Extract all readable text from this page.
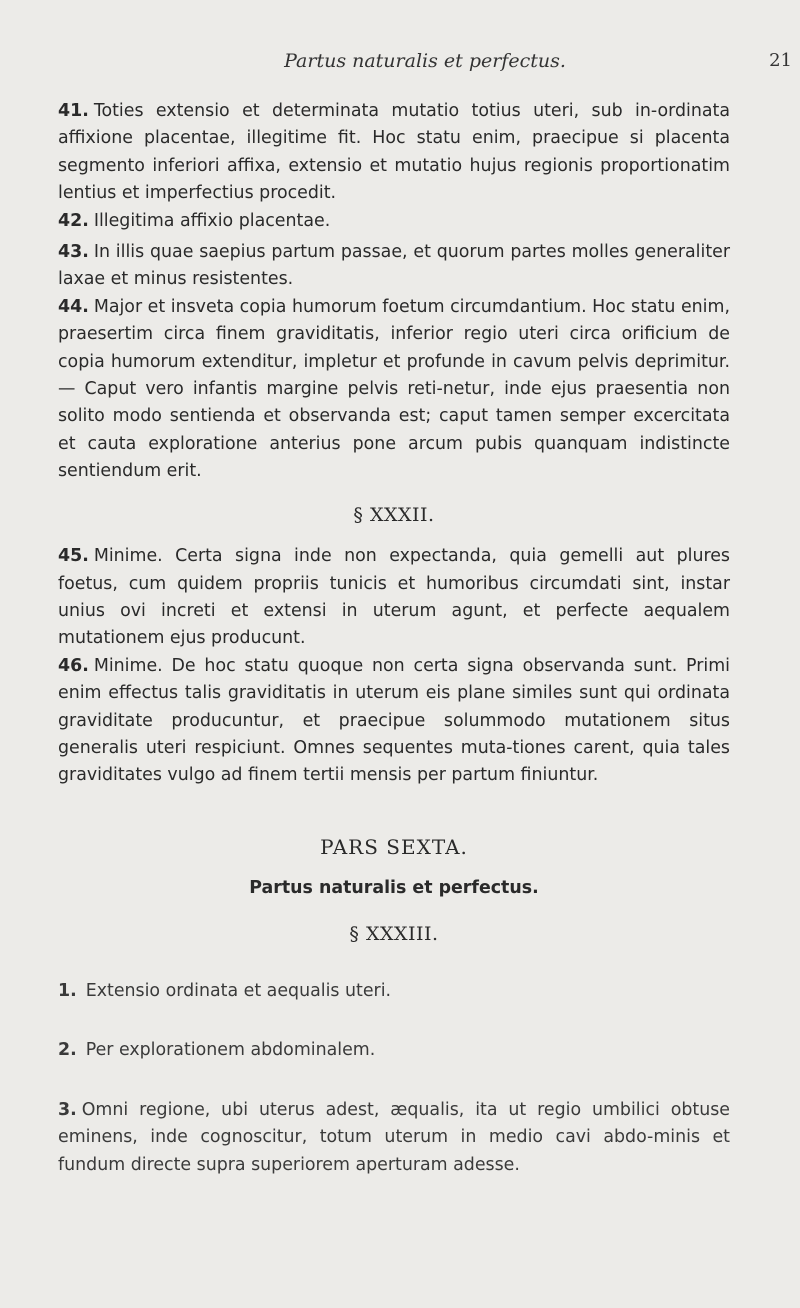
Partus naturalis et perfectus.	21

41. Toties extensio et determinata mutatio totius uteri, sub in-ordinata affixione placentae, illegitime fit. Hoc statu enim, praecipue si placenta segmento inferiori affixa, extensio et mutatio hujus regionis proportionatim lentius et imperfectius procedit.

42. Illegitima affixio placentae.

43. In illis quae saepius partum passae, et quorum partes molles generaliter laxae et minus resistentes.

44. Major et insveta copia humorum foetum circumdantium. Hoc statu enim, praesertim circa finem graviditatis, inferior regio uteri circa orificium de copia humorum extenditur, impletur et profunde in cavum pelvis deprimitur. — Caput vero infantis margine pelvis reti-netur, inde ejus praesentia non solito modo sentienda et observanda est; caput tamen semper excercitata et cauta exploratione anterius pone arcum pubis quanquam indistincte sentiendum erit.

§ XXXII.

45. Minime. Certa signa inde non expectanda, quia gemelli aut plures foetus, cum quidem propriis tunicis et humoribus circumdati sint, instar unius ovi increti et extensi in uterum agunt, et perfecte aequalem mutationem ejus producunt.

46. Minime. De hoc statu quoque non certa signa observanda sunt. Primi enim effectus talis graviditatis in uterum eis plane similes sunt qui ordinata graviditate producuntur, et praecipue solummodo mutationem situs generalis uteri respiciunt. Omnes sequentes muta-tiones carent, quia tales graviditates vulgo ad finem tertii mensis per partum finiuntur.

PARS SEXTA.
Partus naturalis et perfectus.
§ XXXIII.

1. Extensio ordinata et aequalis uteri.

2. Per explorationem abdominalem.

3. Omni regione, ubi uterus adest, æqualis, ita ut regio umbilici obtuse eminens, inde cognoscitur, totum uterum in medio cavi abdo-minis et fundum directe supra superiorem aperturam adesse.
